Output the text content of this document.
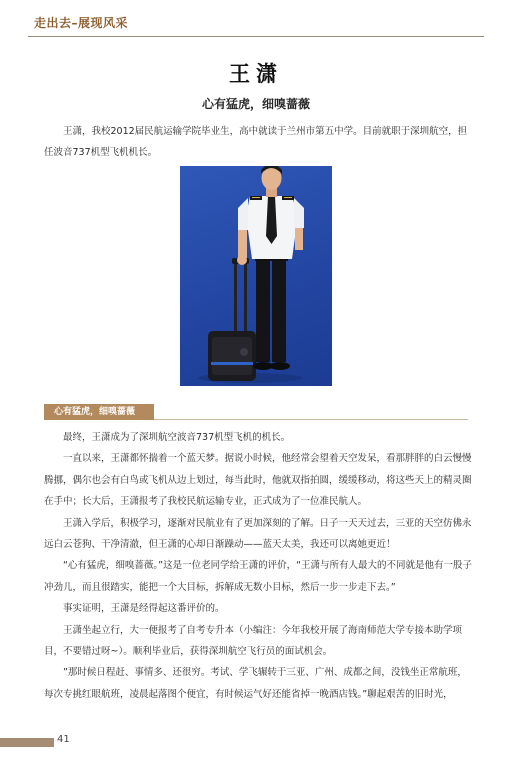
走出去–展现风采
王潇
心有猛虎，细嗅蔷薇

王潇，我校2012届民航运输学院毕业生，高中就读于兰州市第五中学。目前就职于深圳航空，担任波音737机型飞机机长。

心有猛虎，细嗅蔷薇

最终，王潇成为了深圳航空波音737机型飞机的机长。

一直以来，王潇都怀揣着一个蓝天梦。据说小时候，他经常会望着天空发呆，看那胖胖的白云慢慢腾挪，偶尔也会有白鸟或飞机从边上划过，每当此时，他就双指拍圆，缓缓移动，将这些天上的精灵圈在手中；长大后，王潇报考了我校民航运输专业，正式成为了一位准民航人。

王潇入学后，积极学习，逐渐对民航业有了更加深刻的了解。日子一天天过去，三亚的天空仿佛永远白云苍狗、干净清澈，但王潇的心却日渐躁动——蓝天太美，我还可以离她更近！

“心有猛虎，细嗅蔷薇。”这是一位老同学给王潇的评价，“王潇与所有人最大的不同就是他有一股子冲劲儿，而且很踏实，能把一个大目标，拆解成无数小目标，然后一步一步走下去。”

事实证明，王潇是经得起这番评价的。

王潇坐起立行，大一便报考了自考专升本（小编注：今年我校开展了海南师范大学专接本助学项目，不要错过呀~）。顺利毕业后，获得深圳航空飞行员的面试机会。

”那时候日程赶、事情多、还很穷。考试、学飞辗转于三亚、广州、成都之间，没钱坐正常航班，每次专挑红眼航班，凌晨起落图个便宜，有时候运气好还能省掉一晚酒店钱。”聊起艰苦的旧时光，

41
